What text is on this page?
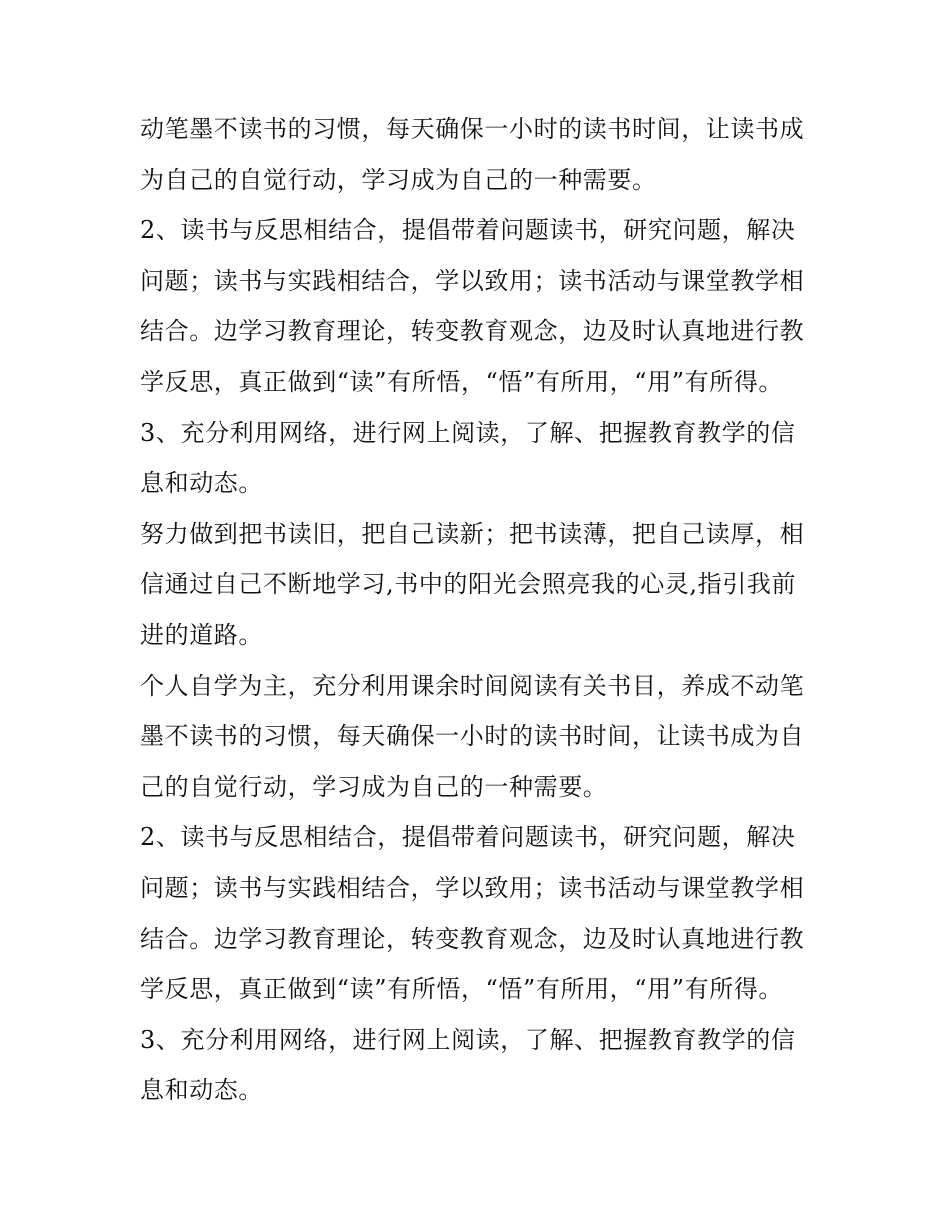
动笔墨不读书的习惯，每天确保一小时的读书时间，让读书成
为自己的自觉行动，学习成为自己的一种需要。
2、读书与反思相结合，提倡带着问题读书，研究问题，解决
问题；读书与实践相结合，学以致用；读书活动与课堂教学相
结合。边学习教育理论，转变教育观念，边及时认真地进行教
学反思，真正做到“读”有所悟，“悟”有所用，“用”有所得。
3、充分利用网络，进行网上阅读，了解、把握教育教学的信
息和动态。
努力做到把书读旧，把自己读新；把书读薄，把自己读厚，相
信通过自己不断地学习,书中的阳光会照亮我的心灵,指引我前
进的道路。
个人自学为主，充分利用课余时间阅读有关书目，养成不动笔
墨不读书的习惯，每天确保一小时的读书时间，让读书成为自
己的自觉行动，学习成为自己的一种需要。
2、读书与反思相结合，提倡带着问题读书，研究问题，解决
问题；读书与实践相结合，学以致用；读书活动与课堂教学相
结合。边学习教育理论，转变教育观念，边及时认真地进行教
学反思，真正做到“读”有所悟，“悟”有所用，“用”有所得。
3、充分利用网络，进行网上阅读，了解、把握教育教学的信
息和动态。
